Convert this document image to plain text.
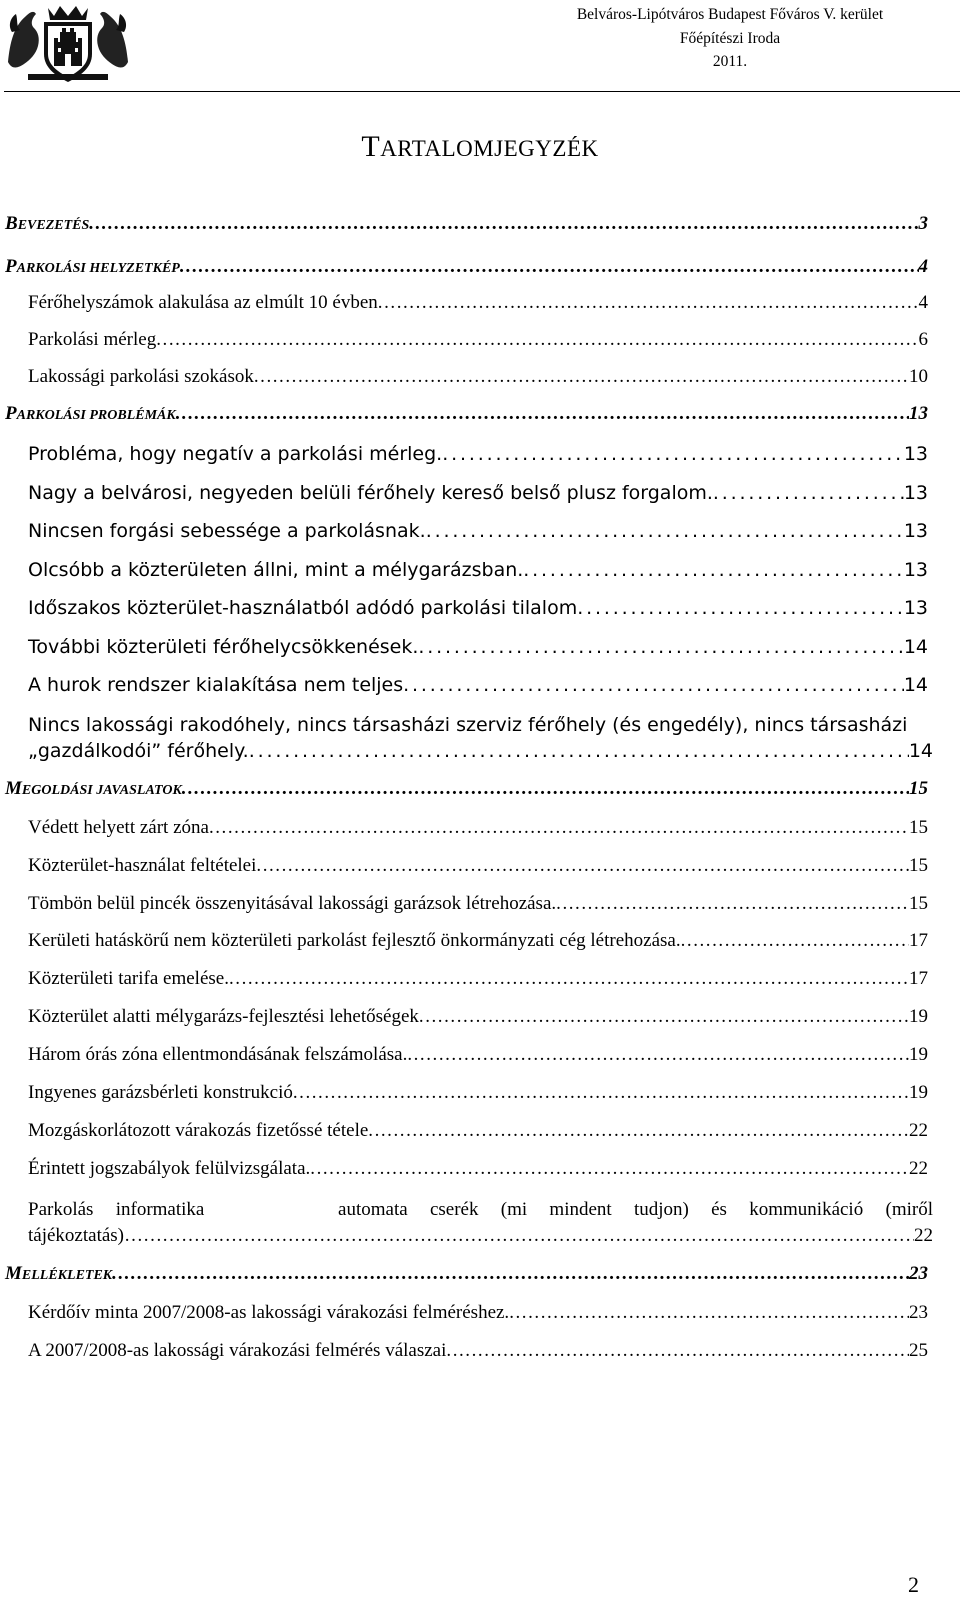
Belváros-Lipótváros Budapest Főváros V. kerület
Főépítészi Iroda
2011.
TARTALOMJEGYZÉK
Nincs lakossági rakodóhely, nincs társasházi szerviz férőhely (és engedély), nincs társasházi
„gazdálkodói” férőhely. . . .	14
Parkolás informatika      automata cserék (mi mindent tudjon) és kommunikáció (miről
tájékoztatás)…………… . . .	22
2
BEVEZETÉS . . .	3
PARKOLÁSI HELYZETKÉP . . .	4
Férőhelyszámok alakulása az elmúlt 10 évben . . .	4
Parkolási mérleg . . .	6
Lakossági parkolási szokások . . .	10
PARKOLÁSI PROBLÉMÁK . . .	13
Probléma, hogy negatív a parkolási mérleg. . . .	13
Nagy a belvárosi, negyeden belüli férőhely kereső belső plusz forgalom. . . .	13
Nincsen forgási sebessége a parkolásnak. . . .	13
Olcsóbb a közterületen állni, mint a mélygarázsban. . . .	13
Időszakos közterület-használatból adódó parkolási tilalom . . .	13
További közterületi férőhelycsökkenések. . . .	14
A hurok rendszer kialakítása nem teljes . . .	14
MEGOLDÁSI JAVASLATOK . . .	15
Védett helyett zárt zóna . . .	15
Közterület-használat feltételei . . .	15
Tömbön belül pincék összenyitásával lakossági garázsok létrehozása. . . .	15
Kerületi hatáskörű nem közterületi parkolást fejlesztő önkormányzati cég létrehozása. . . .	17
Közterületi tarifa emelése. . . .	17
Közterület alatti mélygarázs-fejlesztési lehetőségek . . .	19
Három órás zóna ellentmondásának felszámolása. . . .	19
Ingyenes garázsbérleti konstrukció . . .	19
Mozgáskorlátozott várakozás fizetőssé tétele . . .	22
Érintett jogszabályok felülvizsgálata. . . .	22
MELLÉKLETEK . . .	23
Kérdőív minta 2007/2008-as lakossági várakozási felméréshez. . . .	23
A 2007/2008-as lakossági várakozási felmérés válaszai . . .	25
